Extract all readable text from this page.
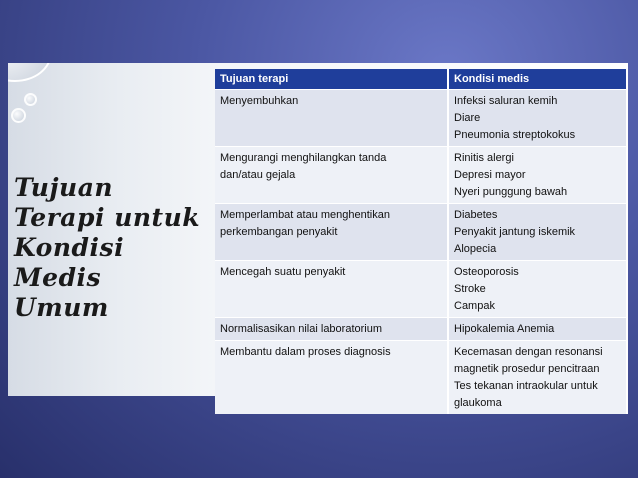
Tujuan
Terapi untuk
Kondisi Medis
Umum
Tujuan terapi	Kondisi medis

Menyembuhkan	Infeksi saluran kemih
Diare
Pneumonia streptokokus

Mengurangi menghilangkan tanda
dan/atau gejala	Rinitis alergi
Depresi mayor
Nyeri punggung bawah

Memperlambat atau menghentikan
perkembangan penyakit	Diabetes
Penyakit jantung iskemik
Alopecia

Mencegah suatu penyakit	Osteoporosis
Stroke
Campak

Normalisasikan nilai laboratorium	Hipokalemia Anemia

Membantu dalam proses diagnosis	Kecemasan dengan resonansi
magnetik prosedur pencitraan
Tes tekanan intraokular untuk
glaukoma
